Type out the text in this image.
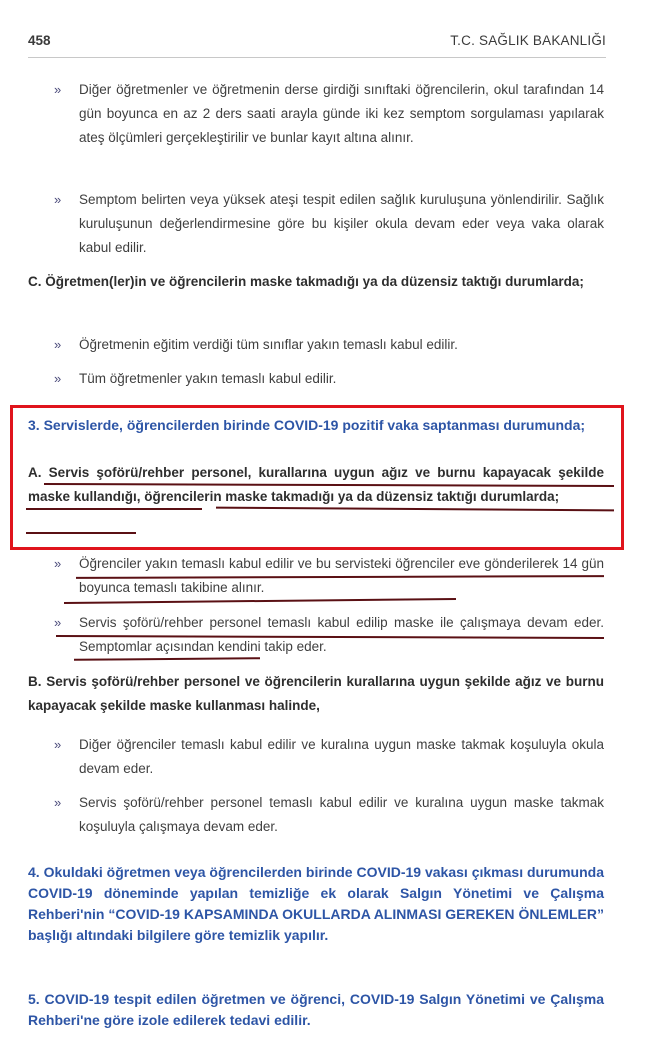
458	T.C. SAĞLIK BAKANLIĞI
» Diğer öğretmenler ve öğretmenin derse girdiği sınıftaki öğrencilerin, okul tarafından 14 gün boyunca en az 2 ders saati arayla günde iki kez semptom sorgulaması yapılarak ateş ölçümleri gerçekleştirilir ve bunlar kayıt altına alınır.
» Semptom belirten veya yüksek ateşi tespit edilen sağlık kuruluşuna yönlendirilir. Sağlık kuruluşunun değerlendirmesine göre bu kişiler okula devam eder veya vaka olarak kabul edilir.
C. Öğretmen(ler)in ve öğrencilerin maske takmadığı ya da düzensiz taktığı durumlarda;
» Öğretmenin eğitim verdiği tüm sınıflar yakın temaslı kabul edilir.
» Tüm öğretmenler yakın temaslı kabul edilir.
3. Servislerde, öğrencilerden birinde COVID-19 pozitif vaka saptanması durumunda;
A. Servis şoförü/rehber personel, kurallarına uygun ağız ve burnu kapayacak şekilde maske kullandığı, öğrencilerin maske takmadığı ya da düzensiz taktığı durumlarda;
» Öğrenciler yakın temaslı kabul edilir ve bu servisteki öğrenciler eve gönderilerek 14 gün boyunca temaslı takibine alınır.
» Servis şoförü/rehber personel temaslı kabul edilip maske ile çalışmaya devam eder. Semptomlar açısından kendini takip eder.
B. Servis şoförü/rehber personel ve öğrencilerin kurallarına uygun şekilde ağız ve burnu kapayacak şekilde maske kullanması halinde,
» Diğer öğrenciler temaslı kabul edilir ve kuralına uygun maske takmak koşuluyla okula devam eder.
» Servis şoförü/rehber personel temaslı kabul edilir ve kuralına uygun maske takmak koşuluyla çalışmaya devam eder.
4. Okuldaki öğretmen veya öğrencilerden birinde COVID-19 vakası çıkması durumunda COVID-19 döneminde yapılan temizliğe ek olarak Salgın Yönetimi ve Çalışma Rehberi'nin “COVID-19 KAPSAMINDA OKULLARDA ALINMASI GEREKEN ÖNLEMLER” başlığı altındaki bilgilere göre temizlik yapılır.
5. COVID-19 tespit edilen öğretmen ve öğrenci, COVID-19 Salgın Yönetimi ve Çalışma Rehberi'ne göre izole edilerek tedavi edilir.
